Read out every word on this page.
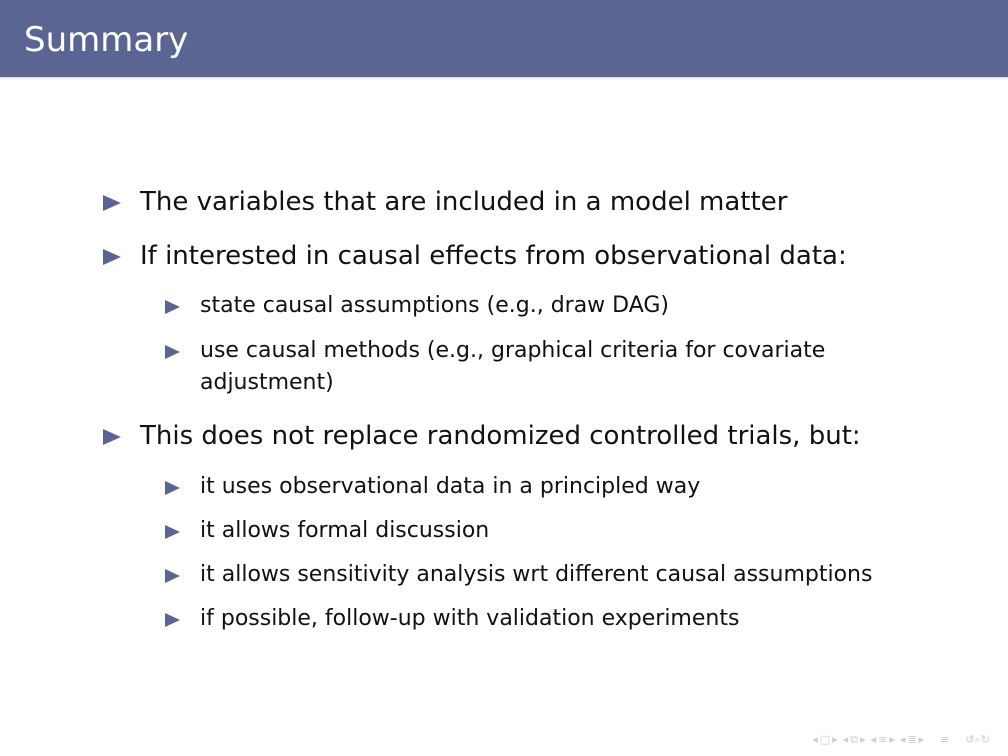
Summary
The variables that are included in a model matter
If interested in causal effects from observational data:
state causal assumptions (e.g., draw DAG)
use causal methods (e.g., graphical criteria for covariate
adjustment)
This does not replace randomized controlled trials, but:
it uses observational data in a principled way
it allows formal discussion
it allows sensitivity analysis wrt different causal assumptions
if possible, follow-up with validation experiments
◂ □ ▸ ◂ ⧉ ▸ ◂ ≡ ▸ ◂ ≣ ▸ ≡ ↺⌕↻
